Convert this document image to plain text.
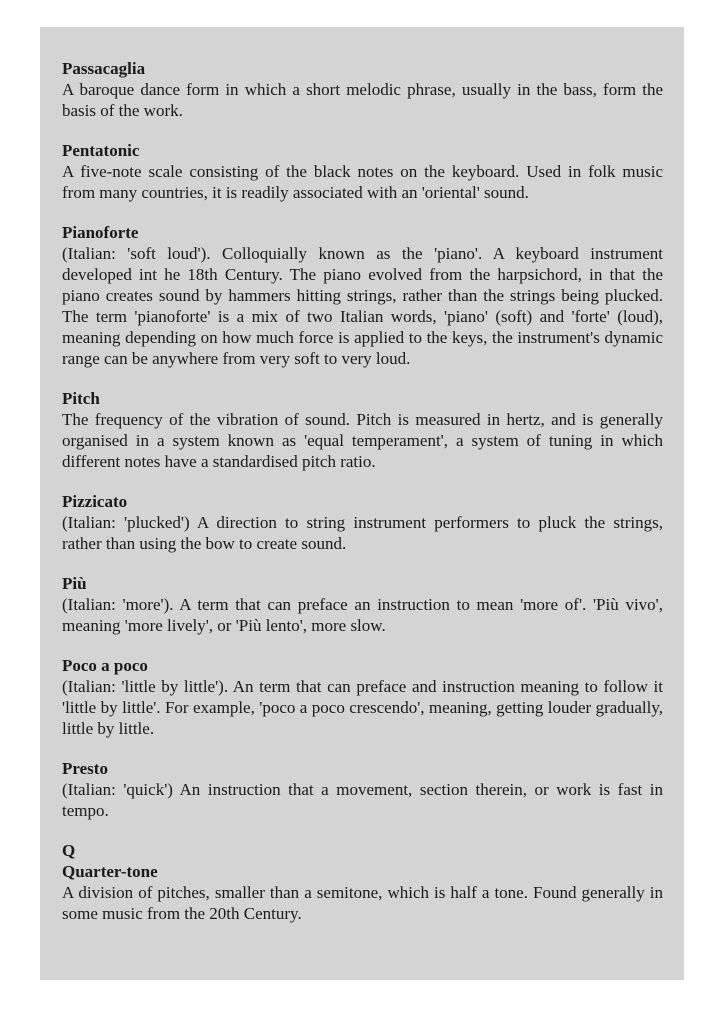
Passacaglia
A baroque dance form in which a short melodic phrase, usually in the bass, form the basis of the work.
Pentatonic
A five-note scale consisting of the black notes on the keyboard. Used in folk music from many countries, it is readily associated with an 'oriental' sound.
Pianoforte
(Italian: 'soft loud'). Colloquially known as the 'piano'. A keyboard instrument developed int he 18th Century. The piano evolved from the harpsichord, in that the piano creates sound by hammers hitting strings, rather than the strings being plucked. The term 'pianoforte' is a mix of two Italian words, 'piano' (soft) and 'forte' (loud), meaning depending on how much force is applied to the keys, the instrument's dynamic range can be anywhere from very soft to very loud.
Pitch
The frequency of the vibration of sound. Pitch is measured in hertz, and is generally organised in a system known as 'equal temperament', a system of tuning in which different notes have a standardised pitch ratio.
Pizzicato
(Italian: 'plucked') A direction to string instrument performers to pluck the strings, rather than using the bow to create sound.
Più
(Italian: 'more'). A term that can preface an instruction to mean 'more of'. 'Più vivo', meaning 'more lively', or 'Più lento', more slow.
Poco a poco
(Italian: 'little by little'). An term that can preface and instruction meaning to follow it 'little by little'. For example, 'poco a poco crescendo', meaning, getting louder gradually, little by little.
Presto
(Italian: 'quick') An instruction that a movement, section therein, or work is fast in tempo.
Q
Quarter-tone
A division of pitches, smaller than a semitone, which is half a tone. Found generally in some music from the 20th Century.
